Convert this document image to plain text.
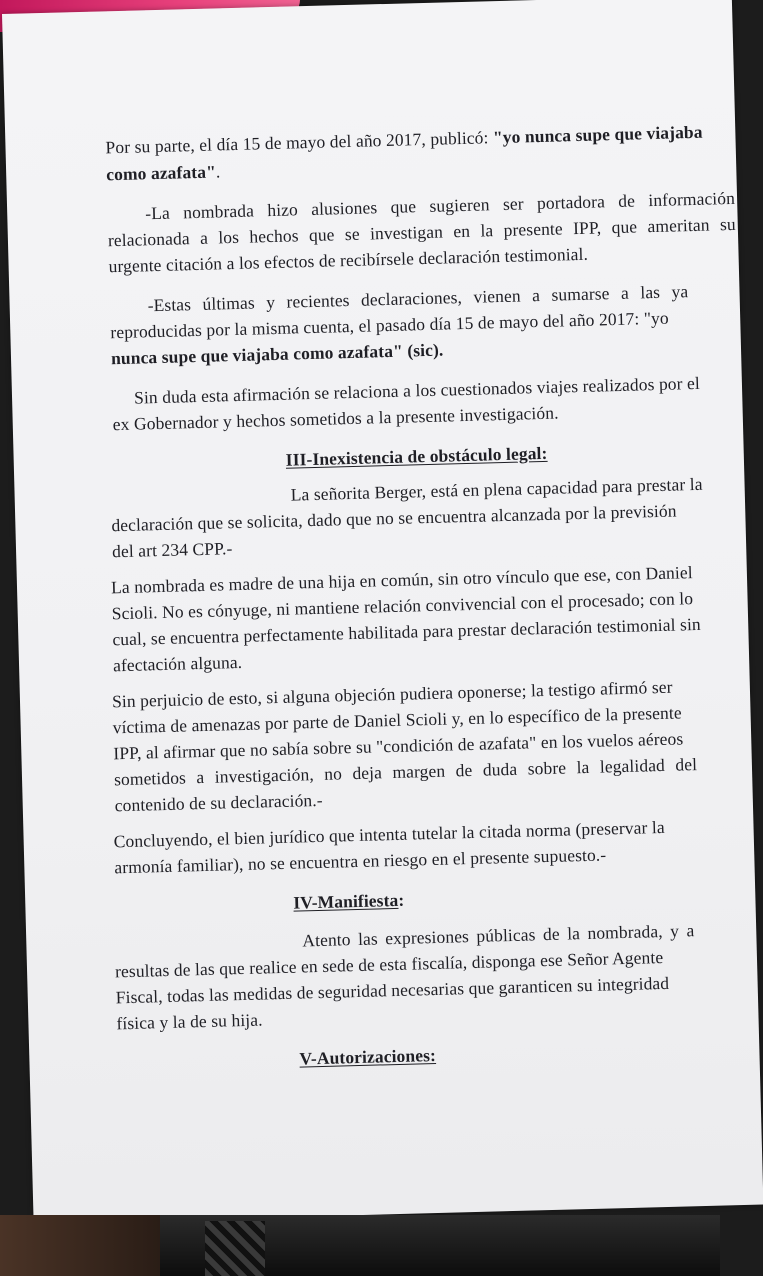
Por su parte, el día 15 de mayo del año 2017, publicó: "yo nunca supe que viajaba
como azafata".
-La nombrada hizo alusiones que sugieren ser portadora de información
relacionada a los hechos que se investigan en la presente IPP, que ameritan su
urgente citación a los efectos de recibírsele declaración testimonial.
-Estas últimas y recientes declaraciones, vienen a sumarse a las ya
reproducidas por la misma cuenta, el pasado día 15 de mayo del año 2017: "yo
nunca supe que viajaba como azafata" (sic).
Sin duda esta afirmación se relaciona a los cuestionados viajes realizados por el
ex Gobernador y hechos sometidos a la presente investigación.
III-Inexistencia de obstáculo legal:
La señorita Berger, está en plena capacidad para prestar la
declaración que se solicita, dado que no se encuentra alcanzada por la previsión
del art 234 CPP.-
La nombrada es madre de una hija en común, sin otro vínculo que ese, con Daniel
Scioli. No es cónyuge, ni mantiene relación convivencial con el procesado; con lo
cual, se encuentra perfectamente habilitada para prestar declaración testimonial sin
afectación alguna.
Sin perjuicio de esto, si alguna objeción pudiera oponerse; la testigo afirmó ser
víctima de amenazas por parte de Daniel Scioli y, en lo específico de la presente
IPP, al afirmar que no sabía sobre su "condición de azafata" en los vuelos aéreos
sometidos a investigación, no deja margen de duda sobre la legalidad del
contenido de su declaración.-
Concluyendo, el bien jurídico que intenta tutelar la citada norma (preservar la
armonía familiar), no se encuentra en riesgo en el presente supuesto.-
IV-Manifiesta:
Atento las expresiones públicas de la nombrada, y a
resultas de las que realice en sede de esta fiscalía, disponga ese Señor Agente
Fiscal, todas las medidas de seguridad necesarias que garanticen su integridad
física y la de su hija.
V-Autorizaciones:
